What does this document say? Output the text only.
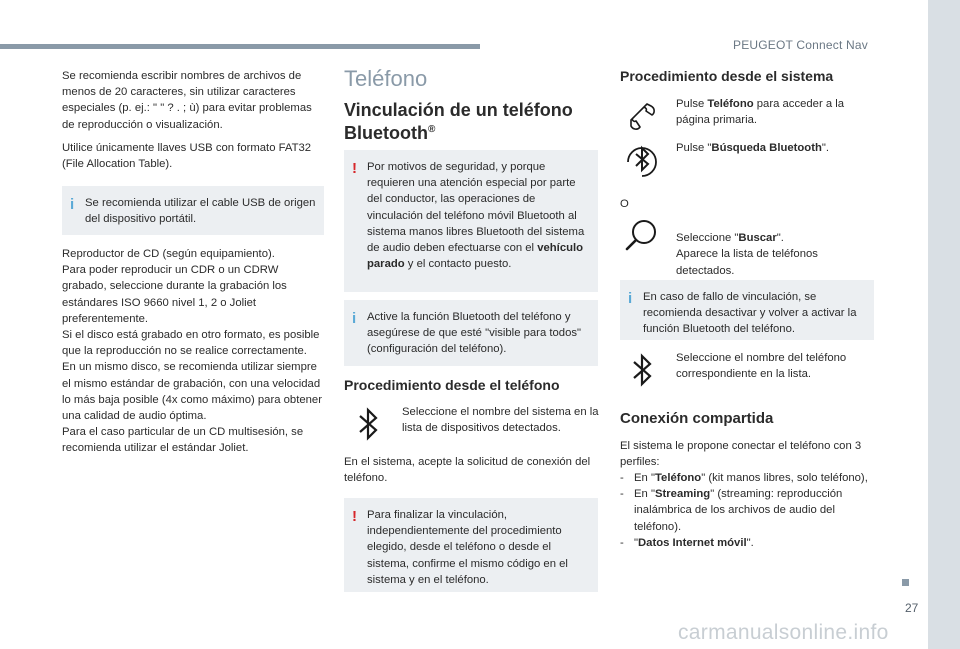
PEUGEOT Connect Nav
27
carmanualsonline.info

Se recomienda escribir nombres de archivos de menos de 20 caracteres, sin utilizar caracteres especiales (p. ej.: " " ? . ; ù) para evitar problemas de reproducción o visualización.

Utilice únicamente llaves USB con formato FAT32 (File Allocation Table).

i Se recomienda utilizar el cable USB de origen del dispositivo portátil.

Reproductor de CD (según equipamiento).
Para poder reproducir un CDR o un CDRW grabado, seleccione durante la grabación los estándares ISO 9660 nivel 1, 2 o Joliet preferentemente.
Si el disco está grabado en otro formato, es posible que la reproducción no se realice correctamente.
En un mismo disco, se recomienda utilizar siempre el mismo estándar de grabación, con una velocidad lo más baja posible (4x como máximo) para obtener una calidad de audio óptima.
Para el caso particular de un CD multisesión, se recomienda utilizar el estándar Joliet.

Teléfono
Vinculación de un teléfono Bluetooth®
! Por motivos de seguridad, y porque requieren una atención especial por parte del conductor, las operaciones de vinculación del teléfono móvil Bluetooth al sistema manos libres Bluetooth del sistema de audio deben efectuarse con el vehículo parado y el contacto puesto.
i Active la función Bluetooth del teléfono y asegúrese de que esté "visible para todos" (configuración del teléfono).
Procedimiento desde el teléfono
Seleccione el nombre del sistema en la lista de dispositivos detectados.

En el sistema, acepte la solicitud de conexión del teléfono.

! Para finalizar la vinculación, independientemente del procedimiento elegido, desde el teléfono o desde el sistema, confirme el mismo código en el sistema y en el teléfono.
Procedimiento desde el sistema
Pulse Teléfono para acceder a la página primaria.
Pulse "Búsqueda Bluetooth".
O

Seleccione "Buscar".
Aparece la lista de teléfonos detectados.

i En caso de fallo de vinculación, se recomienda desactivar y volver a activar la función Bluetooth del teléfono.
Seleccione el nombre del teléfono correspondiente en la lista.
Conexión compartida

El sistema le propone conectar el teléfono con 3 perfiles:

- En "Teléfono" (kit manos libres, solo teléfono),
- En "Streaming" (streaming: reproducción inalámbrica de los archivos de audio del teléfono).
- "Datos Internet móvil".
